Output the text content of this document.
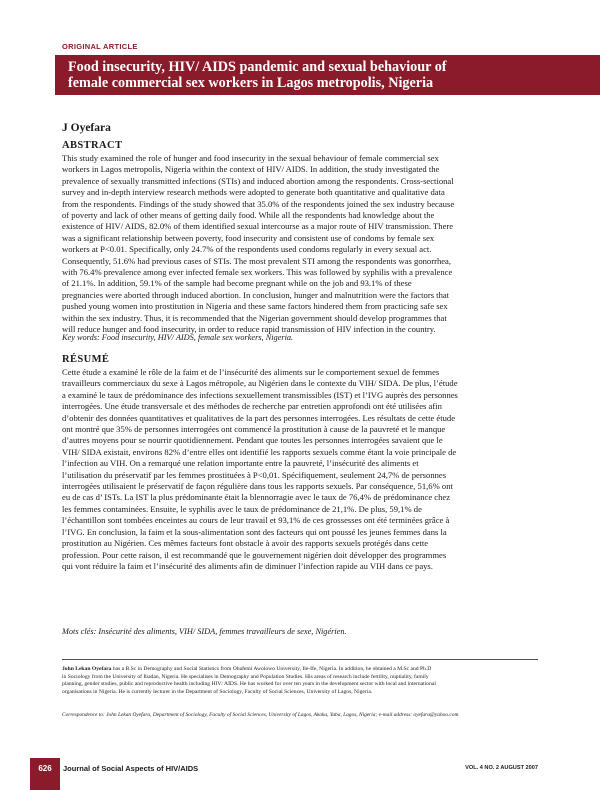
ORIGINAL ARTICLE
Food insecurity, HIV/ AIDS pandemic and sexual behaviour of
female commercial sex workers in Lagos metropolis, Nigeria
J Oyefara
ABSTRACT
This study examined the role of hunger and food insecurity in the sexual behaviour of female commercial sex
workers in Lagos metropolis, Nigeria within the context of HIV/ AIDS. In addition, the study investigated the
prevalence of sexually transmitted infections (STIs) and induced abortion among the respondents. Cross-sectional
survey and in-depth interview research methods were adopted to generate both quantitative and qualitative data
from the respondents. Findings of the study showed that 35.0% of the respondents joined the sex industry because
of poverty and lack of other means of getting daily food. While all the respondents had knowledge about the
existence of HIV/ AIDS, 82.0% of them identified sexual intercourse as a major route of HIV transmission. There
was a significant relationship between poverty, food insecurity and consistent use of condoms by female sex
workers at P<0.01. Specifically, only 24.7% of the respondents used condoms regularly in every sexual act.
Consequently, 51.6% had previous cases of STIs. The most prevalent STI among the respondents was gonorrhea,
with 76.4% prevalence among ever infected female sex workers. This was followed by syphilis with a prevalence
of 21.1%. In addition, 59.1% of the sample had become pregnant while on the job and 93.1% of these
pregnancies were aborted through induced abortion. In conclusion, hunger and malnutrition were the factors that
pushed young women into prostitution in Nigeria and these same factors hindered them from practicing safe sex
within the sex industry. Thus, it is recommended that the Nigerian government should develop programmes that
will reduce hunger and food insecurity, in order to reduce rapid transmission of HIV infection in the country.
Key words: Food insecurity, HIV/ AIDS, female sex workers, Nigeria.
RÉSUMÉ
Cette étude a examiné le rôle de la faim et de l’insécurité des aliments sur le comportement sexuel de femmes
travailleurs commerciaux du sexe à Lagos métropole, au Nigérien dans le contexte du VIH/ SIDA. De plus, l’étude
a examiné le taux de prédominance des infections sexuellement transmissibles (IST) et l’IVG auprès des personnes
interrogées. Une étude transversale et des méthodes de recherche par entretien approfondi ont été utilisées afin
d’obtenir des données quantitatives et qualitatives de la part des personnes interrogées. Les résultats de cette étude
ont montré que 35% de personnes interrogées ont commencé la prostitution à cause de la pauvreté et le manque
d’autres moyens pour se nourrir quotidiennement. Pendant que toutes les personnes interrogées savaient que le
VIH/ SIDA existait, environs 82% d’entre elles ont identifié les rapports sexuels comme étant la voie principale de
l’infection au VIH. On a remarqué une relation importante entre la pauvreté, l’insécurité des aliments et
l’utilisation du préservatif par les femmes prostituées à P<0,01. Spécifiquement, seulement 24,7% de personnes
interrogées utilisaient le préservatif de façon régulière dans tous les rapports sexuels. Par conséquence, 51,6% ont
eu de cas d’ ISTs. La IST la plus prédominante était la blennorragie avec le taux de 76,4% de prédominance chez
les femmes contaminées. Ensuite, le syphilis avec le taux de prédominance de 21,1%. De plus, 59,1% de
l’échantillon sont tombées enceintes au cours de leur travail et 93,1% de ces grossesses ont été terminées grâce à
l’IVG. En conclusion, la faim et la sous-alimentation sont des facteurs qui ont poussé les jeunes femmes dans la
prostitution au Nigérien. Ces mêmes facteurs font obstacle à avoir des rapports sexuels protégés dans cette
profession. Pour cette raison, il est recommandé que le gouvernement nigérien doit développer des programmes
qui vont réduire la faim et l’insécurité des aliments afin de diminuer l’infection rapide au VIH dans ce pays.
Mots clés: Insécurité des aliments, VIH/ SIDA, femmes travailleurs de sexe, Nigérien.
John Lekan Oyefara has a B.Sc in Demography and Social Statistics from Obafemi Awolowo University, Ile-Ife, Nigeria. In addition, he obtained a M.Sc and Ph.D
in Sociology from the University of Ibadan, Nigeria. He specialises in Demography and Population Studies. His areas of research include fertility, nuptiality, family
planning, gender studies, public and reproductive health including HIV/ AIDS. He has worked for over ten years in the development sector with local and international
organisations in Nigeria. He is currently lecturer in the Department of Sociology, Faculty of Social Sciences, University of Lagos, Nigeria.
Correspondence to: John Lekan Oyefara, Department of Sociology, Faculty of Social Sciences, University of Lagos, Akoka, Yaba, Lagos, Nigeria; e-mail address: oyefara@yahoo.com
626	Journal of Social Aspects of HIV/AIDS	VOL. 4 NO. 2 AUGUST 2007
